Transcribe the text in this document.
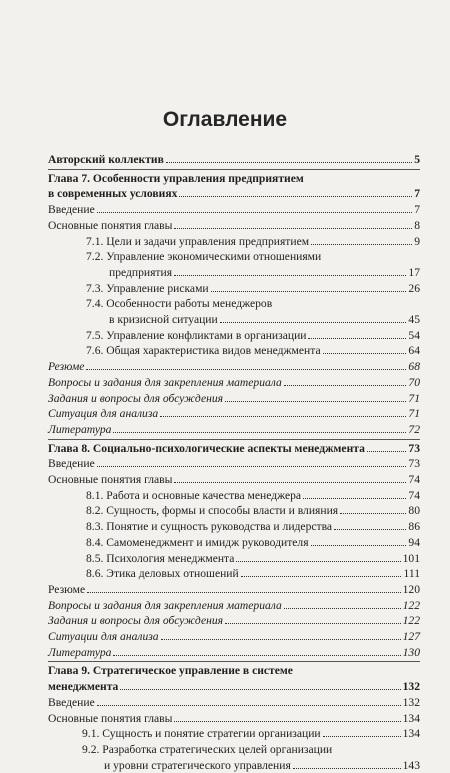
Оглавление
Авторский коллектив	5
Глава 7. Особенности управления предприятием
в современных условиях	7
Введение	7
Основные понятия главы	8
7.1. Цели и задачи управления предприятием	9
7.2. Управление экономическими отношениями
предприятия	17
7.3. Управление рисками	26
7.4. Особенности работы менеджеров
в кризисной ситуации	45
7.5. Управление конфликтами в организации	54
7.6. Общая характеристика видов менеджмента	64
Резюме	68
Вопросы и задания для закрепления материала	70
Задания и вопросы для обсуждения	71
Ситуация для анализа	71
Литература	72
Глава 8. Социально-психологические аспекты менеджмента	73
Введение	73
Основные понятия главы	74
8.1. Работа и основные качества менеджера	74
8.2. Сущность, формы и способы власти и влияния	80
8.3. Понятие и сущность руководства и лидерства	86
8.4. Самоменеджмент и имидж руководителя	94
8.5. Психология менеджмента	101
8.6. Этика деловых отношений	111
Резюме	120
Вопросы и задания для закрепления материала	122
Задания и вопросы для обсуждения	122
Ситуации для анализа	127
Литература	130
Глава 9. Стратегическое управление в системе
менеджмента	132
Введение	132
Основные понятия главы	134
9.1. Сущность и понятие стратегии организации	134
9.2. Разработка стратегических целей организации
и уровни стратегического управления	143
